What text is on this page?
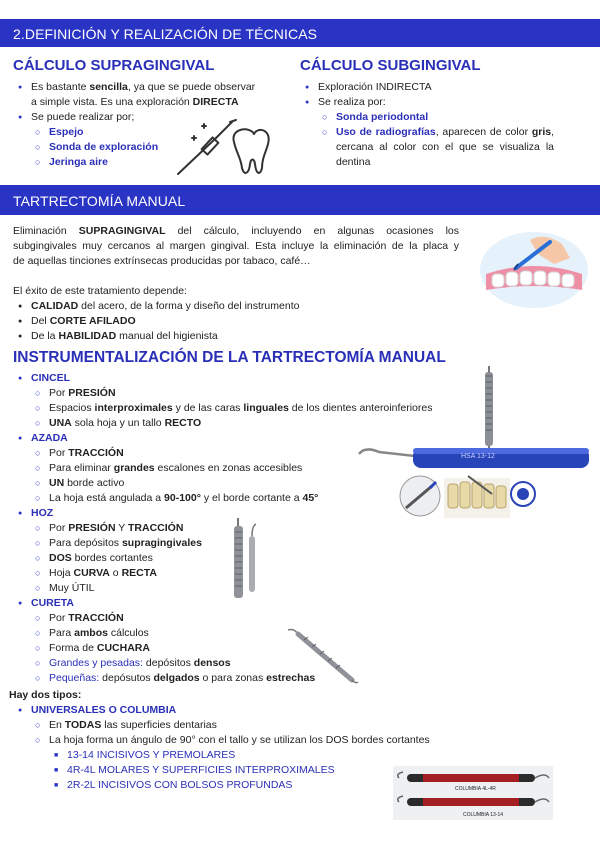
2.DEFINICIÓN Y REALIZACIÓN DE TÉCNICAS
CÁLCULO SUPRAGINGIVAL
● Es bastante sencilla, ya que se puede observar
a simple vista. Es una exploración DIRECTA
● Se puede realizar por;
○ Espejo
○ Sonda de exploración
○ Jeringa aire
CÁLCULO SUBGINGIVAL
● Exploración INDIRECTA
● Se realiza por:
○ Sonda periodontal
○ Uso de radiografías, aparecen de color gris,
cercana al color con el que se visualiza la
dentina
TARTRECTOMÍA MANUAL
Eliminación SUPRAGINGIVAL del cálculo, incluyendo en algunas ocasiones los
subgingivales muy cercanos al margen gingival. Esta incluye la eliminación de la placa y
de aquellas tinciones extrínsecas producidas por tabaco, café…
El éxito de este tratamiento depende:
● CALIDAD del acero, de la forma y diseño del instrumento
● Del CORTE AFILADO
● De la HABILIDAD manual del higienista
INSTRUMENTALIZACIÓN DE LA TARTRECTOMÍA MANUAL
● CINCEL
○ Por PRESIÓN
○ Espacios interproximales y de las caras linguales de los dientes anteroinferiores
○ UNA sola hoja y un tallo RECTO
● AZADA
○ Por TRACCIÓN
○ Para eliminar grandes escalones en zonas accesibles
○ UN borde activo
○ La hoja está angulada a 90-100° y el borde cortante a 45°
● HOZ
○ Por PRESIÓN Y TRACCIÓN
○ Para depósitos supragingivales
○ DOS bordes cortantes
○ Hoja CURVA o RECTA
○ Muy ÚTIL
● CURETA
○ Por TRACCIÓN
○ Para ambos cálculos
○ Forma de CUCHARA
○ Grandes y pesadas: depósitos densos
○ Pequeñas: depósutos delgados o para zonas estrechas
Hay dos tipos:
● UNIVERSALES O COLUMBIA
○ En TODAS las superficies dentarias
○ La hoja forma un ángulo de 90° con el tallo y se utilizan los DOS bordes cortantes
■ 13-14 INCISIVOS Y PREMOLARES
■ 4R-4L MOLARES Y SUPERFICIES INTERPROXIMALES
■ 2R-2L INCISIVOS CON BOLSOS PROFUNDAS
HSA 13-12
COLUMBIA 4L-4R
COLUMBIA 13-14
